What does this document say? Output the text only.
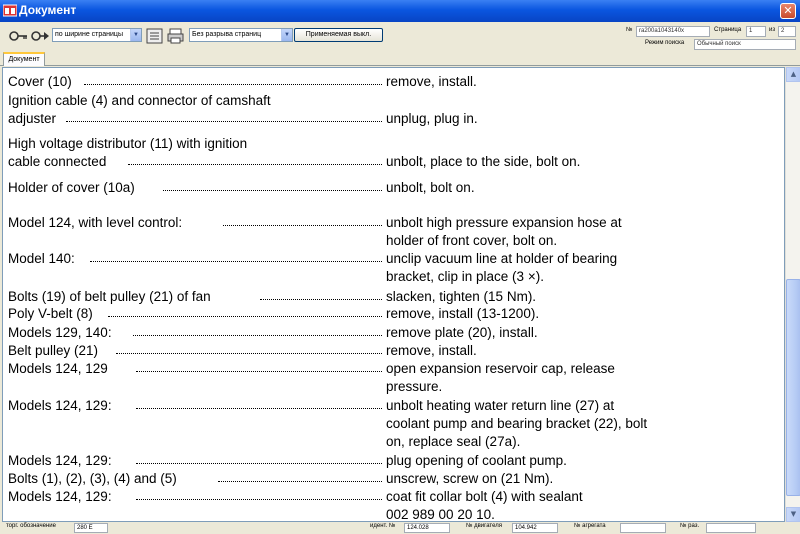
Документ	✕
по ширине страницы	▼	Без разрыва страниц	▼	Применяемая выкл.
№	ra200a1043140x	Страница	1	из 2
Режим поиска	Обычный поиск
Документ
Cover (10)	remove, install.
Ignition cable (4) and connector of camshaft
adjuster	unplug, plug in.
High voltage distributor (11) with ignition
cable connected	unbolt, place to the side, bolt on.
Holder of cover (10a)	unbolt, bolt on.
Model 124, with level control:	unbolt high pressure expansion hose at
holder of front cover, bolt on.
Model 140:	unclip vacuum line at holder of bearing
bracket, clip in place (3 ×).
Bolts (19) of belt pulley (21) of fan	slacken, tighten (15 Nm).
Poly V-belt (8)	remove, install (13-1200).
Models 129, 140:	remove plate (20), install.
Belt pulley (21)	remove, install.
Models 124, 129	open expansion reservoir cap, release
pressure.
Models 124, 129:	unbolt heating water return line (27) at
coolant pump and bearing bracket (22), bolt
on, replace seal (27a).
Models 124, 129:	plug opening of coolant pump.
Bolts (1), (2), (3), (4) and (5)	unscrew, screw on (21 Nm).
Models 124, 129:	coat fit collar bolt (4) with sealant
002 989 00 20 10.
▲
▼
торг. обозначение	280 E	идент. №	124.028	№ двигателя	104.942	№ агрегата	№ раз.
